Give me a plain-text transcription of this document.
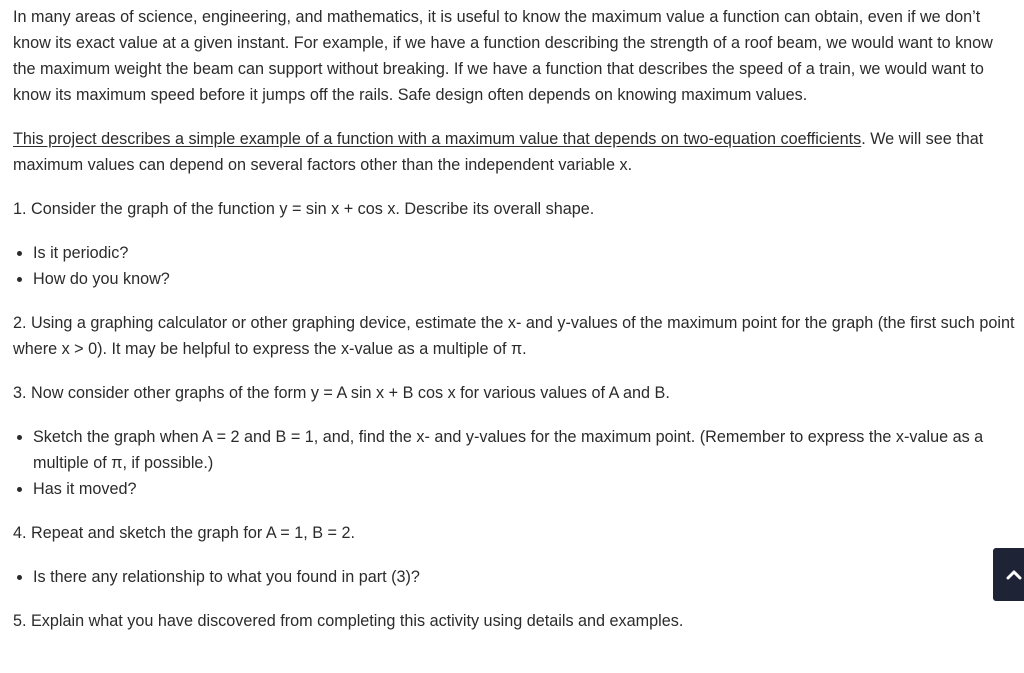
In many areas of science, engineering, and mathematics, it is useful to know the maximum value a function can obtain, even if we don’t know its exact value at a given instant. For example, if we have a function describing the strength of a roof beam, we would want to know the maximum weight the beam can support without breaking. If we have a function that describes the speed of a train, we would want to know its maximum speed before it jumps off the rails. Safe design often depends on knowing maximum values.

This project describes a simple example of a function with a maximum value that depends on two-equation coefficients. We will see that maximum values can depend on several factors other than the independent variable x.

1. Consider the graph of the function y = sin x + cos x. Describe its overall shape.

Is it periodic?
How do you know?

2. Using a graphing calculator or other graphing device, estimate the x- and y-values of the maximum point for the graph (the first such point where x > 0). It may be helpful to express the x-value as a multiple of π.

3. Now consider other graphs of the form y = A sin x + B cos x for various values of A and B.

Sketch the graph when A = 2 and B = 1, and, find the x- and y-values for the maximum point. (Remember to express the x-value as a multiple of π, if possible.)
Has it moved?

4. Repeat and sketch the graph for A = 1, B = 2.

Is there any relationship to what you found in part (3)?

5. Explain what you have discovered from completing this activity using details and examples.
